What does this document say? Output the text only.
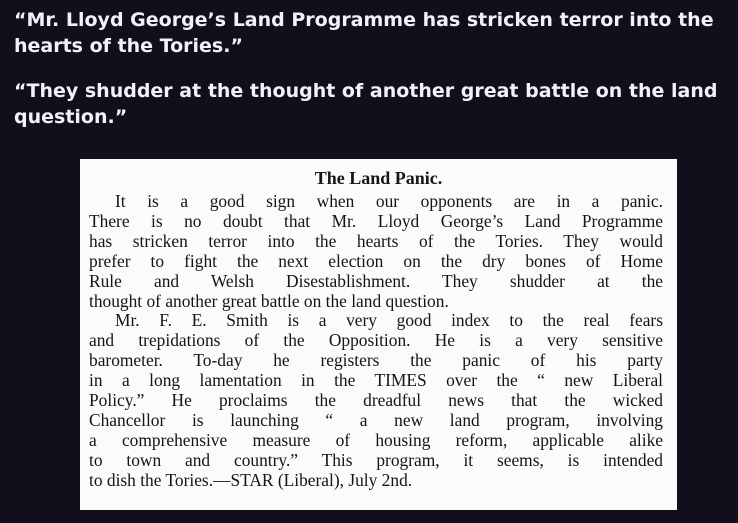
“Mr. Lloyd George’s Land Programme has stricken terror into the hearts of the Tories.”

“They shudder at the thought of another great battle on the land question.”

The Land Panic.
It is a good sign when our opponents are in a panic.
There is no doubt that Mr. Lloyd George’s Land Programme
has stricken terror into the hearts of the Tories. They would
prefer to fight the next election on the dry bones of Home
Rule and Welsh Disestablishment. They shudder at the
thought of another great battle on the land question.
Mr. F. E. Smith is a very good index to the real fears
and trepidations of the Opposition. He is a very sensitive
barometer. To-day he registers the panic of his party
in a long lamentation in the TIMES over the “ new Liberal
Policy.” He proclaims the dreadful news that the wicked
Chancellor is launching “ a new land program, involving
a comprehensive measure of housing reform, applicable alike
to town and country.” This program, it seems, is intended
to dish the Tories.—STAR (Liberal), July 2nd.
